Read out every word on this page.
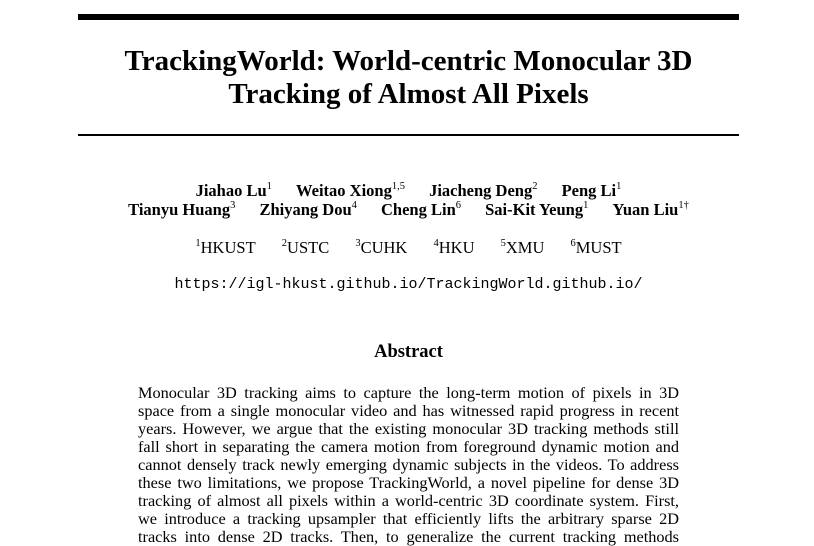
TrackingWorld: World-centric Monocular 3D
Tracking of Almost All Pixels
Jiahao Lu$^1$ Weitao Xiong$^{1,5}$ Jiacheng Deng$^2$ Peng Li$^1$
Tianyu Huang$^3$ Zhiyang Dou$^4$ Cheng Lin$^6$ Sai-Kit Yeung$^1$ Yuan Liu$^{1\dagger}$
$^1$HKUST $^2$USTC $^3$CUHK $^4$HKU $^5$XMU $^6$MUST
https://igl-hkust.github.io/TrackingWorld.github.io/
Abstract
Monocular 3D tracking aims to capture the long-term motion of pixels in 3D
space from a single monocular video and has witnessed rapid progress in recent
years. However, we argue that the existing monocular 3D tracking methods still
fall short in separating the camera motion from foreground dynamic motion and
cannot densely track newly emerging dynamic subjects in the videos. To address
these two limitations, we propose TrackingWorld, a novel pipeline for dense 3D
tracking of almost all pixels within a world-centric 3D coordinate system. First,
we introduce a tracking upsampler that efficiently lifts the arbitrary sparse 2D
tracks into dense 2D tracks. Then, to generalize the current tracking methods
